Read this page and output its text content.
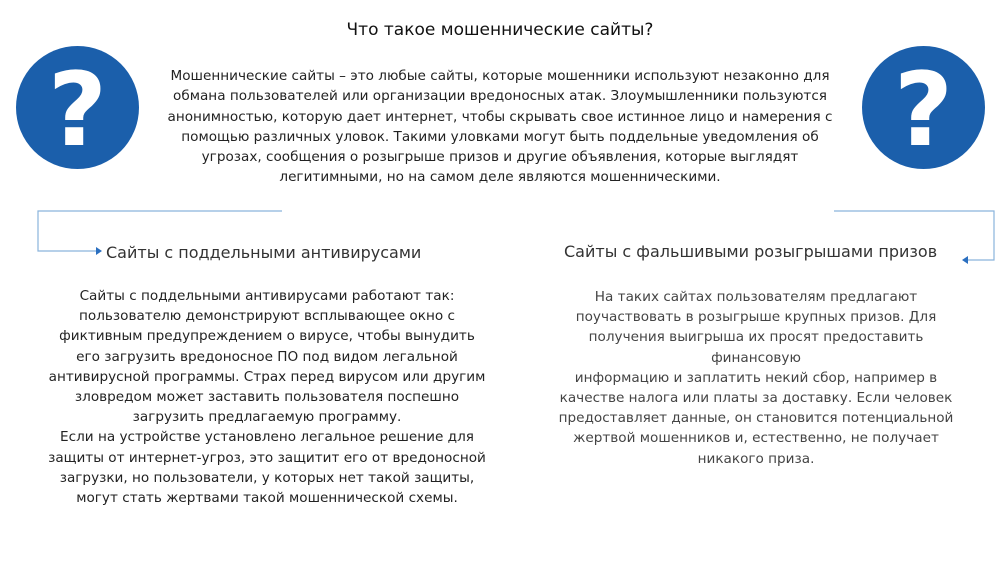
Что такое мошеннические сайты?
?	?

Мошеннические сайты – это любые сайты, которые мошенники используют незаконно для обмана пользователей или организации вредоносных атак. Злоумышленники пользуются анонимностью, которую дает интернет, чтобы скрывать свое истинное лицо и намерения с помощью различных уловок. Такими уловками могут быть поддельные уведомления об угрозах, сообщения о розыгрыше призов и другие объявления, которые выглядят легитимными, но на самом деле являются мошенническими.

Сайты с поддельными антивирусами	Сайты с фальшивыми розыгрышами призов

Сайты с поддельными антивирусами работают так: пользователю демонстрируют всплывающее окно с фиктивным предупреждением о вирусе, чтобы вынудить его загрузить вредоносное ПО под видом легальной антивирусной программы. Страх перед вирусом или другим зловредом может заставить пользователя поспешно загрузить предлагаемую программу.

Если на устройстве установлено легальное решение для защиты от интернет-угроз, это защитит его от вредоносной загрузки, но пользователи, у которых нет такой защиты, могут стать жертвами такой мошеннической схемы.

На таких сайтах пользователям предлагают поучаствовать в розыгрыше крупных призов. Для получения выигрыша их просят предоставить финансовую

информацию и заплатить некий сбор, например в качестве налога или платы за доставку. Если человек предоставляет данные, он становится потенциальной жертвой мошенников и, естественно, не получает никакого приза.
